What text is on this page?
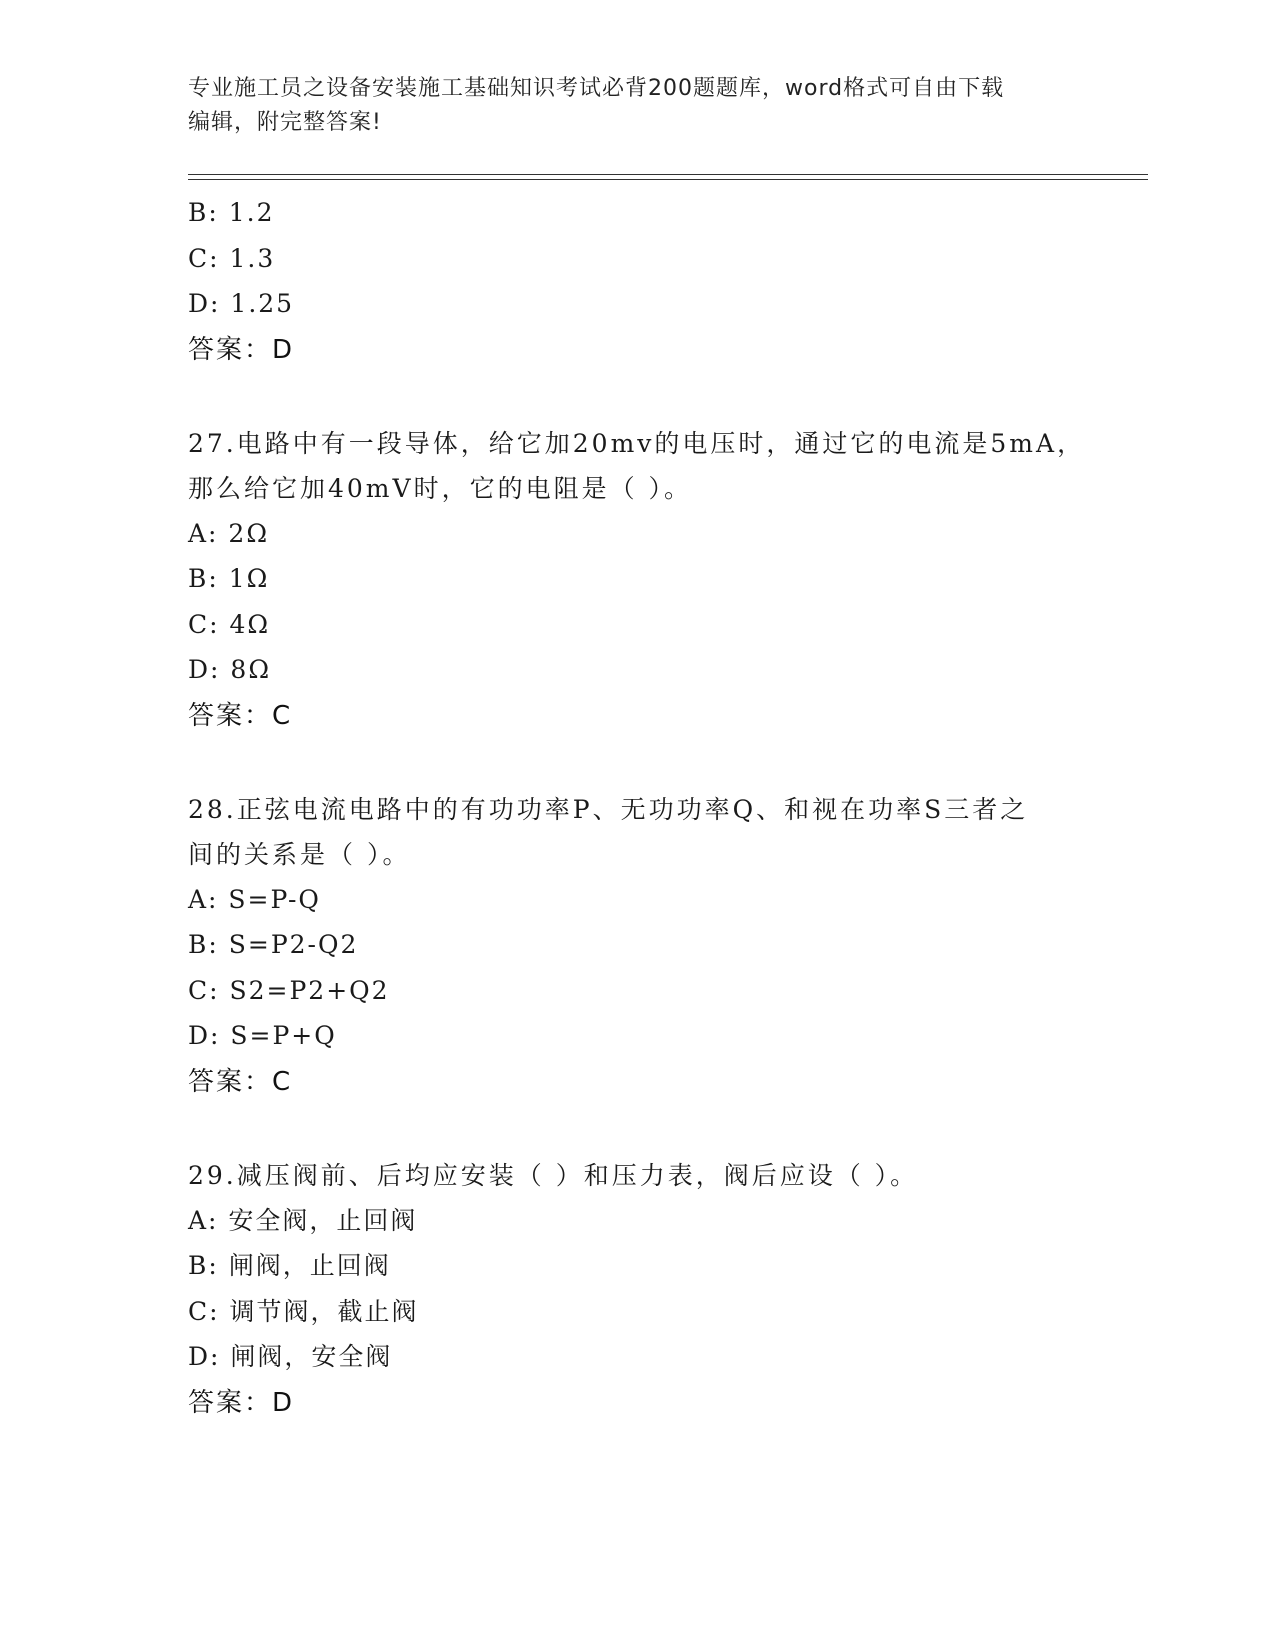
专业施工员之设备安装施工基础知识考试必背200题题库，word格式可自由下载
编辑，附完整答案!
B: 1.2
C: 1.3
D: 1.25
答案：D
27.电路中有一段导体，给它加20mv的电压时，通过它的电流是5mA，
那么给它加40mV时，它的电阻是（ ）。
A: 2Ω
B: 1Ω
C: 4Ω
D: 8Ω
答案：C
28.正弦电流电路中的有功功率P、无功功率Q、和视在功率S三者之
间的关系是（ ）。
A: S=P-Q
B: S=P2-Q2
C: S2=P2+Q2
D: S=P+Q
答案：C
29.减压阀前、后均应安装（ ）和压力表，阀后应设（ ）。
A: 安全阀，止回阀
B: 闸阀，止回阀
C: 调节阀，截止阀
D: 闸阀，安全阀
答案：D
